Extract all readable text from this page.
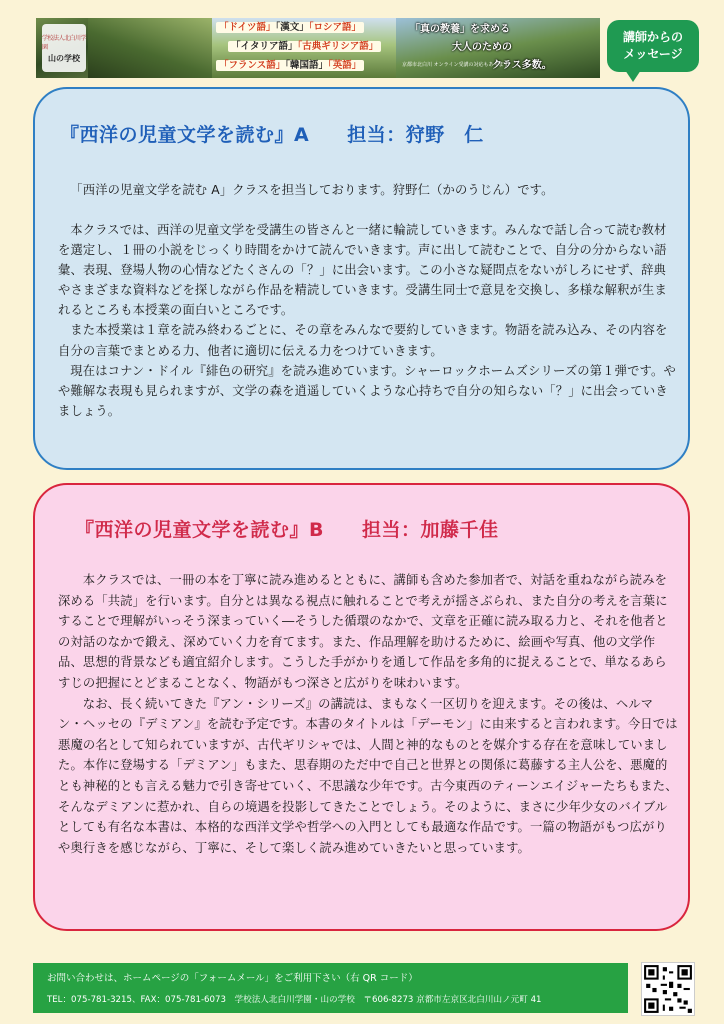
学校法人北白川学園
山の学校
「ドイツ語」「漢文」「ロシア語」
「イタリア語」「古典ギリシア語」
「フランス語」「韓国語」「英語」
「真の教養」を求める
大人のための
クラス多数。
京都市北白川 オンライン受講の対応もあります
講師からの
メッセージ
『西洋の児童文学を読む』A 担当：狩野　仁

「西洋の児童文学を読む A」クラスを担当しております。狩野仁（かのうじん）です。

本クラスでは、西洋の児童文学を受講生の皆さんと一緒に輪読していきます。みんなで話し合って読む教材を選定し、１冊の小説をじっくり時間をかけて読んでいきます。声に出して読むことで、自分の分からない語彙、表現、登場人物の心情などたくさんの「？」に出会います。この小さな疑問点をないがしろにせず、辞典やさまざまな資料などを探しながら作品を精読していきます。受講生同士で意見を交換し、多様な解釈が生まれるところも本授業の面白いところです。

また本授業は１章を読み終わるごとに、その章をみんなで要約していきます。物語を読み込み、その内容を自分の言葉でまとめる力、他者に適切に伝える力をつけていきます。

現在はコナン・ドイル『緋色の研究』を読み進めています。シャーロックホームズシリーズの第１弾です。やや難解な表現も見られますが、文学の森を逍遥していくような心持ちで自分の知らない「？」に出会っていきましょう。

『西洋の児童文学を読む』B 担当：加藤千佳

　本クラスでは、一冊の本を丁寧に読み進めるとともに、講師も含めた参加者で、対話を重ねながら読みを深める「共読」を行います。自分とは異なる視点に触れることで考えが揺さぶられ、また自分の考えを言葉にすることで理解がいっそう深まっていく―そうした循環のなかで、文章を正確に読み取る力と、それを他者との対話のなかで鍛え、深めていく力を育てます。また、作品理解を助けるために、絵画や写真、他の文学作品、思想的背景なども適宜紹介します。こうした手がかりを通して作品を多角的に捉えることで、単なるあらすじの把握にとどまることなく、物語がもつ深さと広がりを味わいます。

　なお、長く続いてきた『アン・シリーズ』の講読は、まもなく一区切りを迎えます。その後は、ヘルマン・ヘッセの『デミアン』を読む予定です。本書のタイトルは「デーモン」に由来すると言われます。今日では悪魔の名として知られていますが、古代ギリシャでは、人間と神的なものとを媒介する存在を意味していました。本作に登場する「デミアン」もまた、思春期のただ中で自己と世界との関係に葛藤する主人公を、悪魔的とも神秘的とも言える魅力で引き寄せていく、不思議な少年です。古今東西のティーンエイジャーたちもまた、そんなデミアンに惹かれ、自らの境遇を投影してきたことでしょう。そのように、まさに少年少女のバイブルとしても有名な本書は、本格的な西洋文学や哲学への入門としても最適な作品です。一篇の物語がもつ広がりや奥行きを感じながら、丁寧に、そして楽しく読み進めていきたいと思っています。

お問い合わせは、ホームページの「フォームメール」をご利用下さい（右 QR コード）
TEL：075-781-3215、FAX：075-781-6073　学校法人北白川学園・山の学校　〒606-8273 京都市左京区北白川山ノ元町 41
